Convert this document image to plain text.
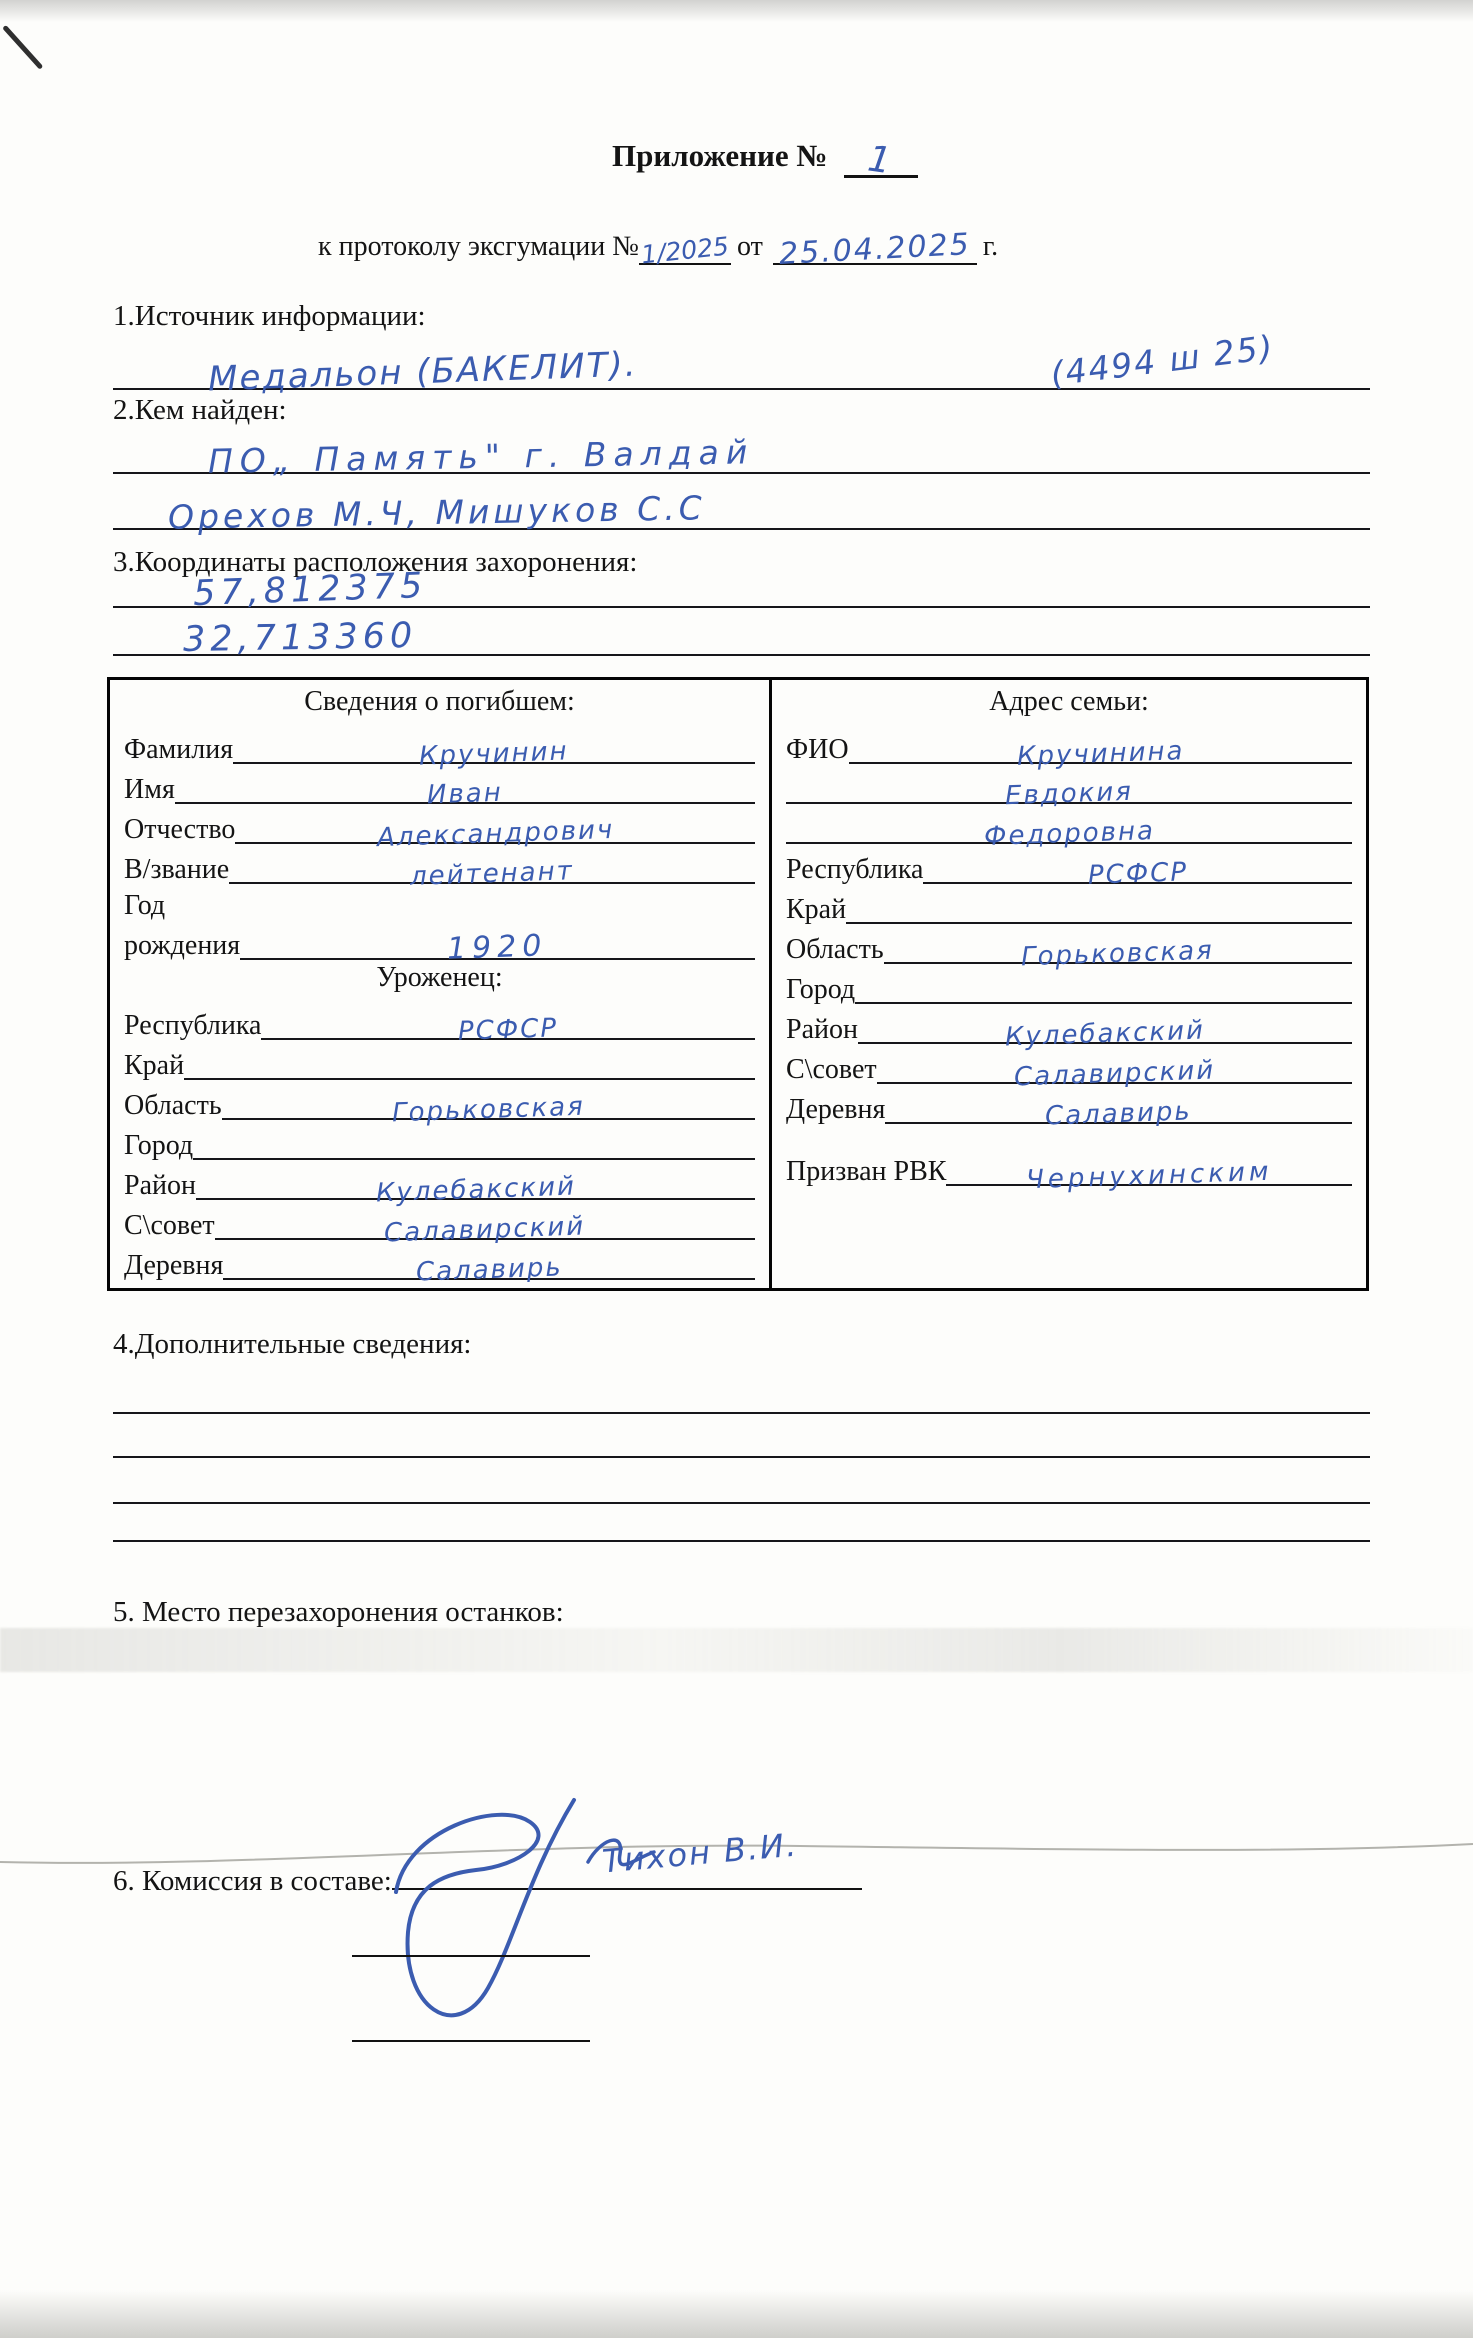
Приложение №	1
к протоколу эксгумации № 1/2025 от 25.04.2025 г.
1.Источник информации:
Медальон (БАКЕЛИТ).	(4494 ш 25)
2.Кем найден:
ПО„ Память" г. Валдай
Орехов М.Ч, Мишуков С.С
3.Координаты расположения захоронения:
57,812375
32,713360
Сведения о погибшем:
Фамилия	Кручинин
Имя	Иван
Отчество	Александрович
В/звание	лейтенант
Год
рождения	1920
Уроженец:
Республика	РСФСР
Край
Область	Горьковская
Город
Район	Кулебакский
С\совет	Салавирский
Деревня	Салавирь
Адрес семьи:
ФИО	Кручинина
Евдокия
Федоровна
Республика	РСФСР
Край
Область	Горьковская
Город
Район	Кулебакский
С\совет	Салавирский
Деревня	Салавирь
Призван РВК	Чернухинским
4.Дополнительные сведения:
5. Место перезахоронения останков:
6. Комиссия в составе:
Тихон В.И.
